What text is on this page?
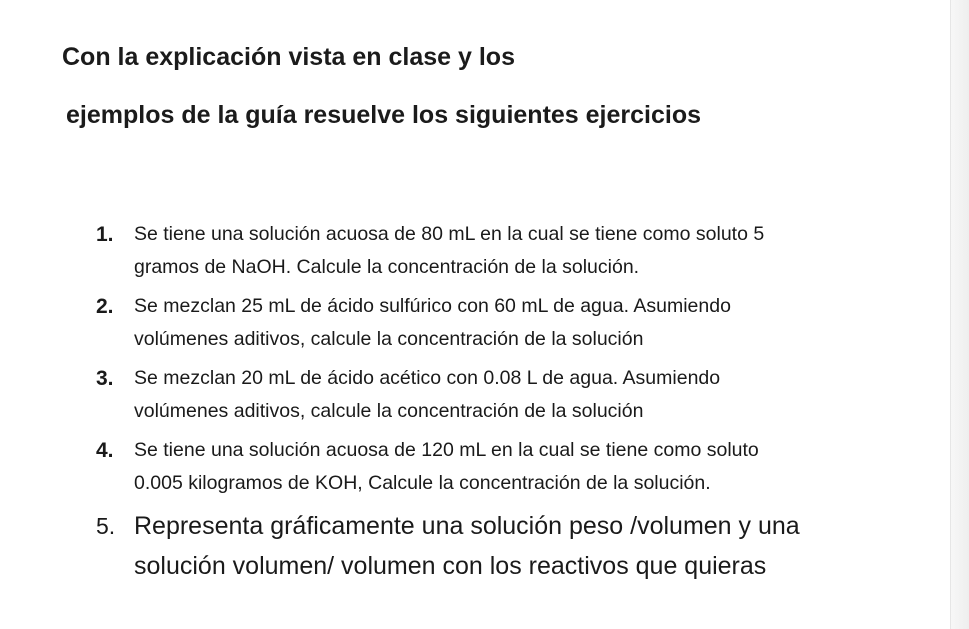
Con la explicación vista en clase y los
ejemplos de la guía resuelve los siguientes ejercicios
1.	Se tiene una solución acuosa de 80 mL en la cual se tiene como soluto 5
gramos de NaOH. Calcule la concentración de la solución.
2.	Se mezclan 25 mL de ácido sulfúrico con 60 mL de agua. Asumiendo
volúmenes aditivos, calcule la concentración de la solución
3.	Se mezclan 20 mL de ácido acético con 0.08 L de agua. Asumiendo
volúmenes aditivos, calcule la concentración de la solución
4.	Se tiene una solución acuosa de 120 mL en la cual se tiene como soluto
0.005 kilogramos de KOH, Calcule la concentración de la solución.
5. Representa gráficamente una solución peso /volumen y una
solución volumen/ volumen con los reactivos que quieras
